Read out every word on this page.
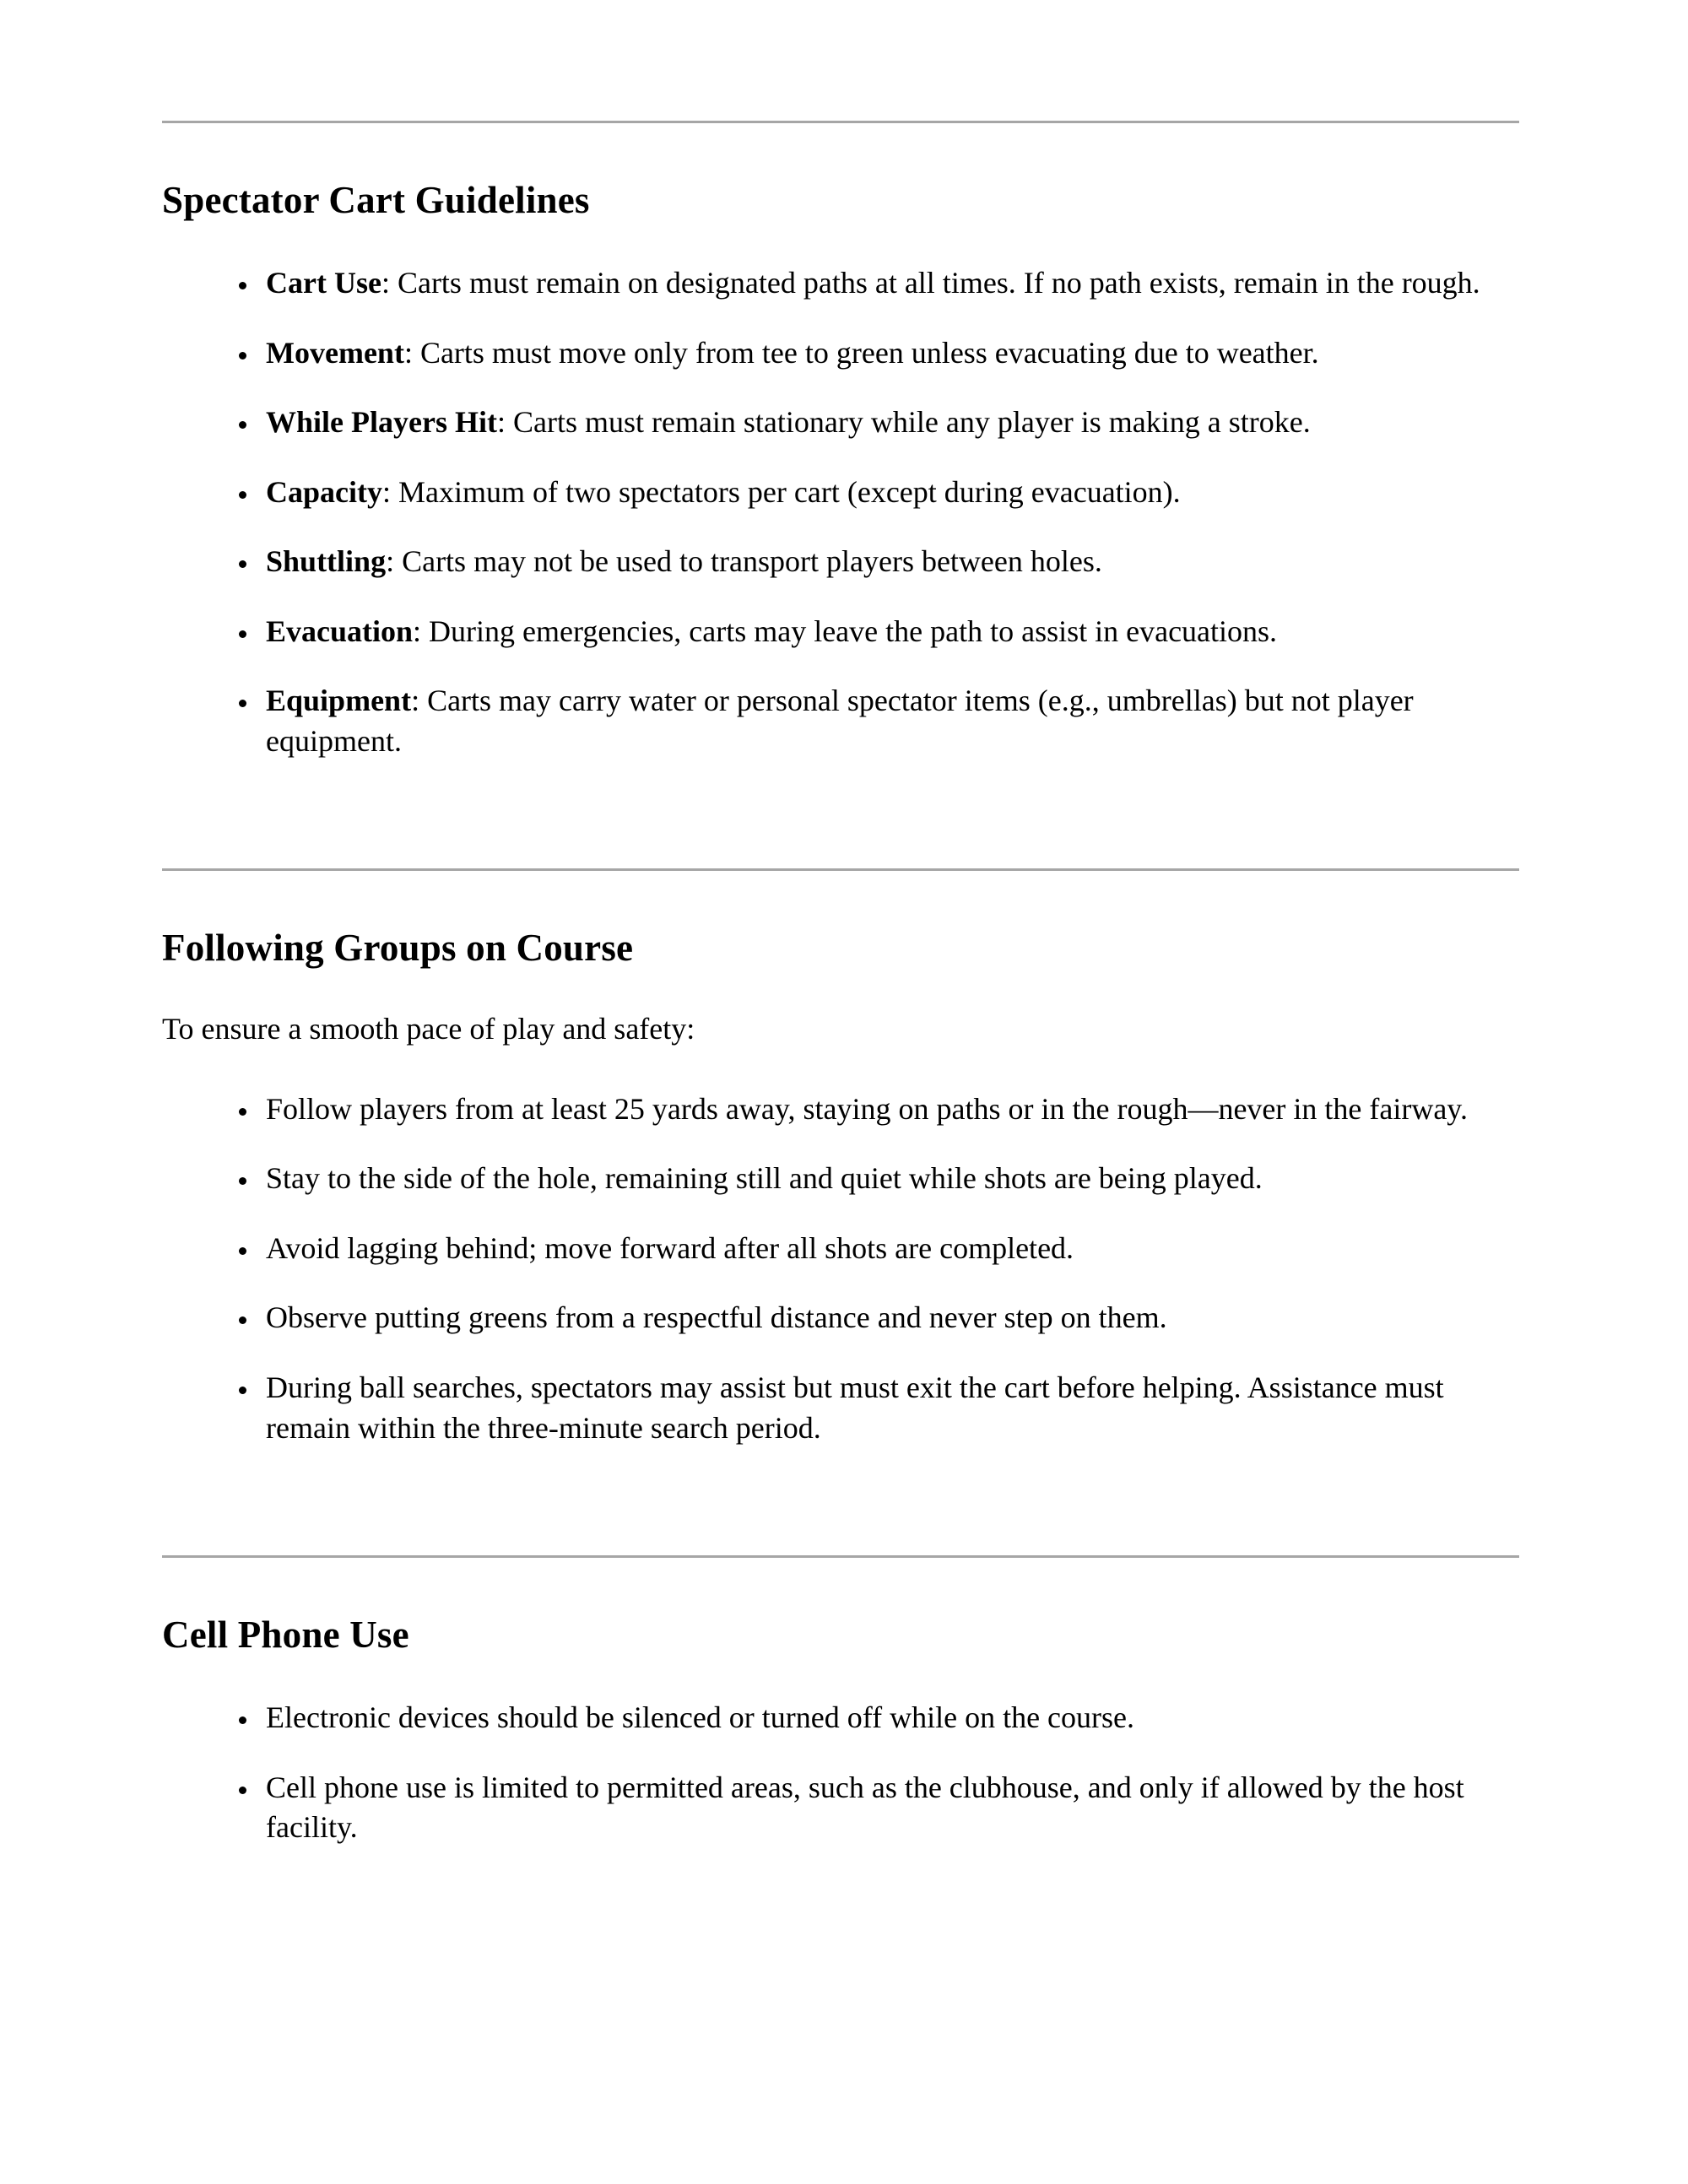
Spectator Cart Guidelines
• Cart Use: Carts must remain on designated paths at all times. If no path exists, remain in the rough.
• Movement: Carts must move only from tee to green unless evacuating due to weather.
• While Players Hit: Carts must remain stationary while any player is making a stroke.
• Capacity: Maximum of two spectators per cart (except during evacuation).
• Shuttling: Carts may not be used to transport players between holes.
• Evacuation: During emergencies, carts may leave the path to assist in evacuations.
• Equipment: Carts may carry water or personal spectator items (e.g., umbrellas) but not player equipment.
Following Groups on Course

To ensure a smooth pace of play and safety:

• Follow players from at least 25 yards away, staying on paths or in the rough—never in the fairway.
• Stay to the side of the hole, remaining still and quiet while shots are being played.
• Avoid lagging behind; move forward after all shots are completed.
• Observe putting greens from a respectful distance and never step on them.
• During ball searches, spectators may assist but must exit the cart before helping. Assistance must remain within the three-minute search period.
Cell Phone Use
• Electronic devices should be silenced or turned off while on the course.
• Cell phone use is limited to permitted areas, such as the clubhouse, and only if allowed by the host facility.
